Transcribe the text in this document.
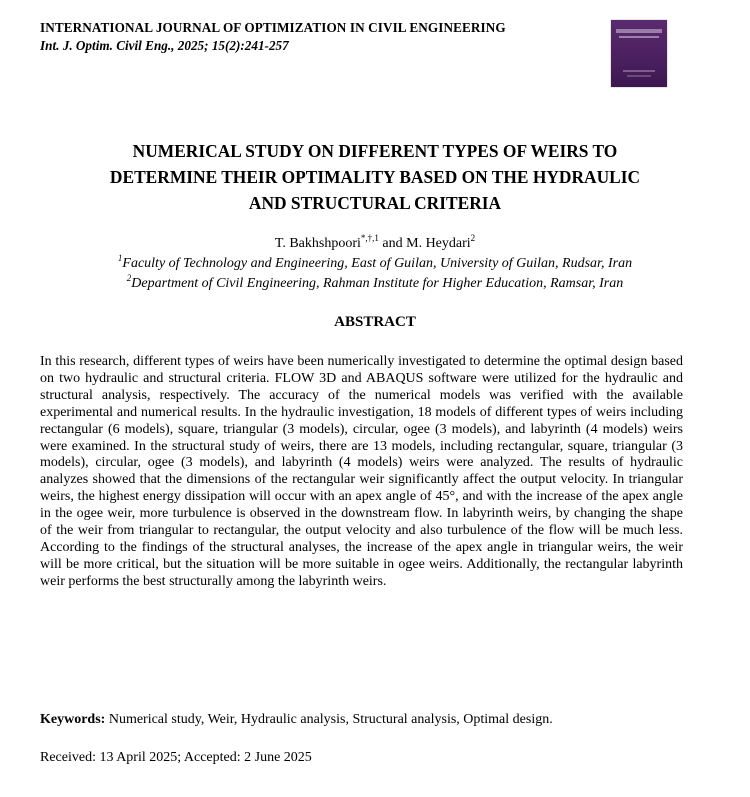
INTERNATIONAL JOURNAL OF OPTIMIZATION IN CIVIL ENGINEERING
Int. J. Optim. Civil Eng., 2025; 15(2):241-257
NUMERICAL STUDY ON DIFFERENT TYPES OF WEIRS TO
DETERMINE THEIR OPTIMALITY BASED ON THE HYDRAULIC
AND STRUCTURAL CRITERIA
T. Bakhshpoori$^{*,\dagger,1}$ and M. Heydari$^2$
$^1$Faculty of Technology and Engineering, East of Guilan, University of Guilan, Rudsar, Iran
$^2$Department of Civil Engineering, Rahman Institute for Higher Education, Ramsar, Iran
ABSTRACT

In this research, different types of weirs have been numerically investigated to determine the optimal design based on two hydraulic and structural criteria. FLOW 3D and ABAQUS software were utilized for the hydraulic and structural analysis, respectively. The accuracy of the numerical models was verified with the available experimental and numerical results. In the hydraulic investigation, 18 models of different types of weirs including rectangular (6 models), square, triangular (3 models), circular, ogee (3 models), and labyrinth (4 models) weirs were examined. In the structural study of weirs, there are 13 models, including rectangular, square, triangular (3 models), circular, ogee (3 models), and labyrinth (4 models) weirs were analyzed. The results of hydraulic analyzes showed that the dimensions of the rectangular weir significantly affect the output velocity. In triangular weirs, the highest energy dissipation will occur with an apex angle of 45°, and with the increase of the apex angle in the ogee weir, more turbulence is observed in the downstream flow. In labyrinth weirs, by changing the shape of the weir from triangular to rectangular, the output velocity and also turbulence of the flow will be much less. According to the findings of the structural analyses, the increase of the apex angle in triangular weirs, the weir will be more critical, but the situation will be more suitable in ogee weirs. Additionally, the rectangular labyrinth weir performs the best structurally among the labyrinth weirs.

Keywords: Numerical study, Weir, Hydraulic analysis, Structural analysis, Optimal design.
Received: 13 April 2025; Accepted: 2 June 2025
